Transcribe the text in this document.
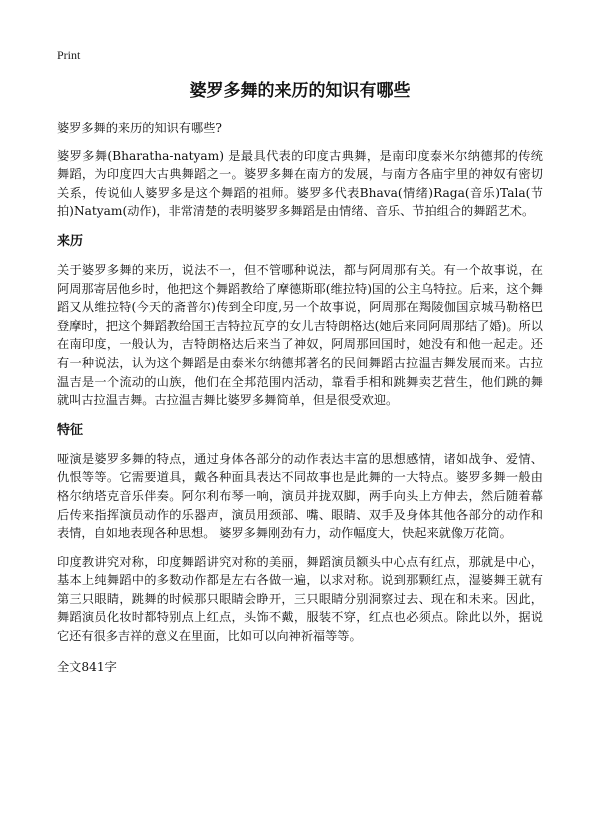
Print
婆罗多舞的来历的知识有哪些

婆罗多舞的来历的知识有哪些?

婆罗多舞(Bharatha-natyam) 是最具代表的印度古典舞，是南印度泰米尔纳德邦的传统舞蹈，为印度四大古典舞蹈之一。婆罗多舞在南方的发展，与南方各庙宇里的神奴有密切关系，传说仙人婆罗多是这个舞蹈的祖师。婆罗多代表Bhava(情绪)Raga(音乐)Tala(节拍)Natyam(动作)，非常清楚的表明婆罗多舞蹈是由情绪、音乐、节拍组合的舞蹈艺术。

来历

关于婆罗多舞的来历，说法不一，但不管哪种说法，都与阿周那有关。有一个故事说，在阿周那寄居他乡时，他把这个舞蹈教给了摩德斯耶(维拉特)国的公主乌特拉。后来，这个舞蹈又从维拉特(今天的斋普尔)传到全印度,另一个故事说，阿周那在羯陵伽国京城马勒格巴登摩时，把这个舞蹈教给国王吉特拉瓦亨的女儿吉特朗格达(她后来同阿周那结了婚)。所以在南印度，一般认为，吉特朗格达后来当了神奴，阿周那回国时，她没有和他一起走。还有一种说法，认为这个舞蹈是由泰米尔纳德邦著名的民间舞蹈古拉温吉舞发展而来。古拉温吉是一个流动的山族，他们在全邦范围内活动，靠看手相和跳舞卖艺营生，他们跳的舞就叫古拉温吉舞。古拉温吉舞比婆罗多舞简单，但是很受欢迎。

特征

哑演是婆罗多舞的特点，通过身体各部分的动作表达丰富的思想感情，诸如战争、爱情、仇恨等等。它需要道具，戴各种面具表达不同故事也是此舞的一大特点。婆罗多舞一般由格尔纳塔克音乐伴奏。阿尔利布琴一响，演员并拢双脚，两手向头上方伸去，然后随着幕后传来指挥演员动作的乐器声，演员用颈部、嘴、眼睛、双手及身体其他各部分的动作和表情，自如地表现各种思想。 婆罗多舞刚劲有力，动作幅度大，快起来就像万花筒。

印度教讲究对称，印度舞蹈讲究对称的美丽，舞蹈演员额头中心点有红点，那就是中心，基本上纯舞蹈中的多数动作都是左右各做一遍，以求对称。说到那颗红点，湿婆舞王就有第三只眼睛，跳舞的时候那只眼睛会睁开，三只眼睛分别洞察过去、现在和未来。因此，舞蹈演员化妆时都特别点上红点，头饰不戴，服装不穿，红点也必须点。除此以外，据说它还有很多吉祥的意义在里面，比如可以向神祈福等等。

全文841字
